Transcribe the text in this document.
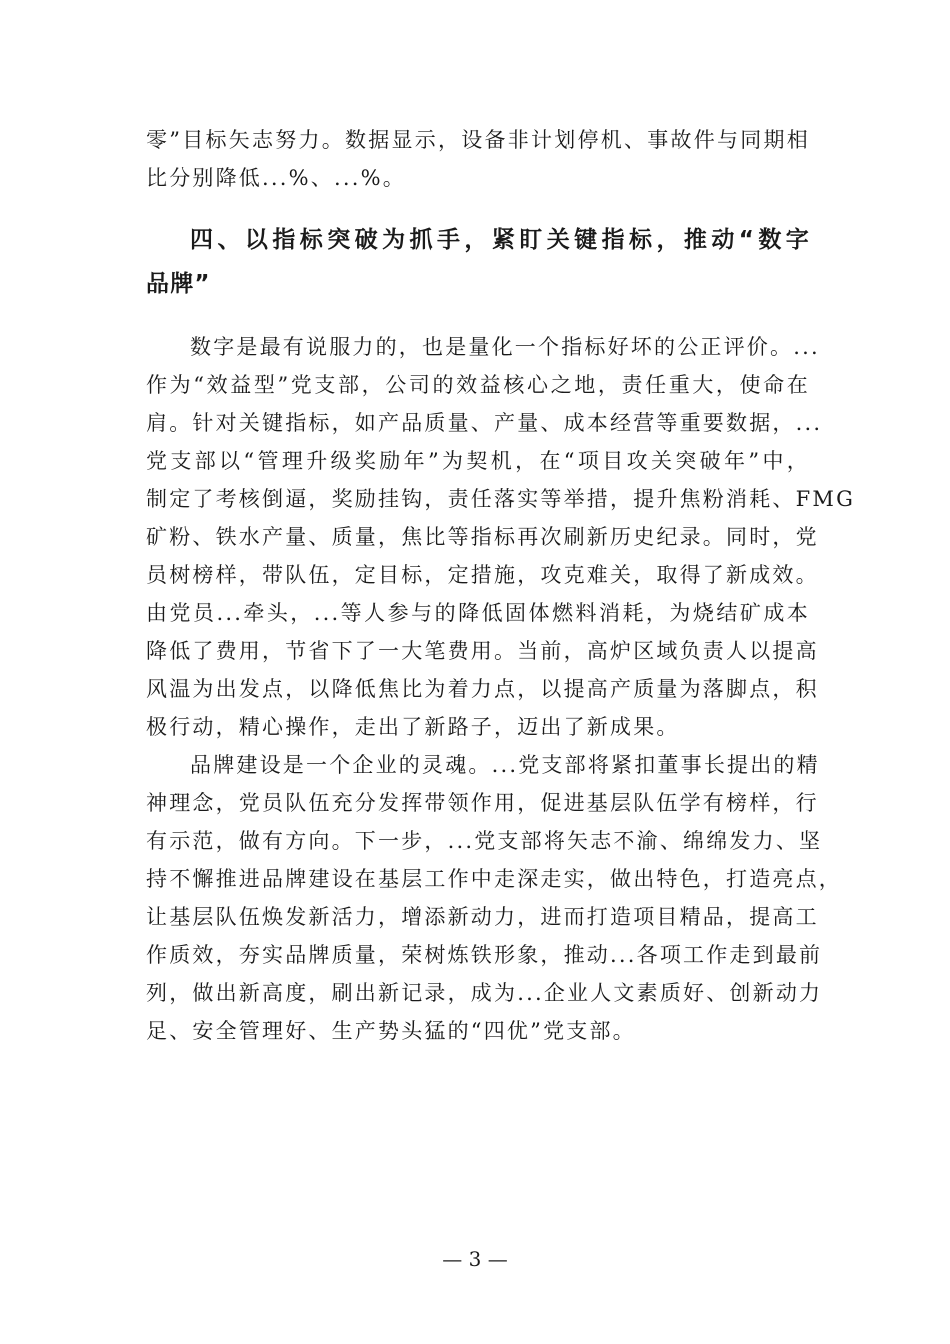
零”目标矢志努力。数据显示，设备非计划停机、事故件与同期相
比分别降低...%、...%。
四、以指标突破为抓手，紧盯关键指标，推动“数字
品牌”
数字是最有说服力的，也是量化一个指标好坏的公正评价。...
作为“效益型”党支部，公司的效益核心之地，责任重大，使命在
肩。针对关键指标，如产品质量、产量、成本经营等重要数据，...
党支部以“管理升级奖励年”为契机，在“项目攻关突破年”中，
制定了考核倒逼，奖励挂钩，责任落实等举措，提升焦粉消耗、FMG
矿粉、铁水产量、质量，焦比等指标再次刷新历史纪录。同时，党
员树榜样，带队伍，定目标，定措施，攻克难关，取得了新成效。
由党员...牵头，...等人参与的降低固体燃料消耗，为烧结矿成本
降低了费用，节省下了一大笔费用。当前，高炉区域负责人以提高
风温为出发点，以降低焦比为着力点，以提高产质量为落脚点，积
极行动，精心操作，走出了新路子，迈出了新成果。
品牌建设是一个企业的灵魂。...党支部将紧扣董事长提出的精
神理念，党员队伍充分发挥带领作用，促进基层队伍学有榜样，行
有示范，做有方向。下一步，...党支部将矢志不渝、绵绵发力、坚
持不懈推进品牌建设在基层工作中走深走实，做出特色，打造亮点，
让基层队伍焕发新活力，增添新动力，进而打造项目精品，提高工
作质效，夯实品牌质量，荣树炼铁形象，推动...各项工作走到最前
列，做出新高度，刷出新记录，成为...企业人文素质好、创新动力
足、安全管理好、生产势头猛的“四优”党支部。
— 3 —
